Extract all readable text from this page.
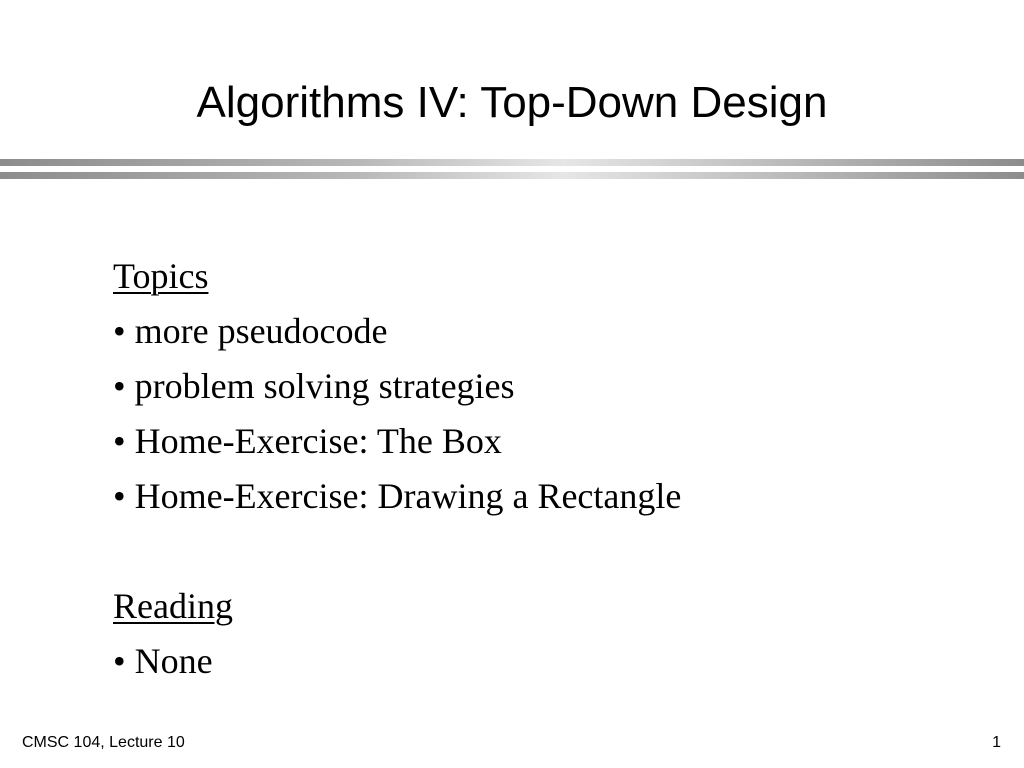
Algorithms IV: Top-Down Design
Topics
• more pseudocode
• problem solving strategies
• Home-Exercise: The Box
• Home-Exercise: Drawing a Rectangle
Reading
• None
CMSC 104, Lecture 10	1
